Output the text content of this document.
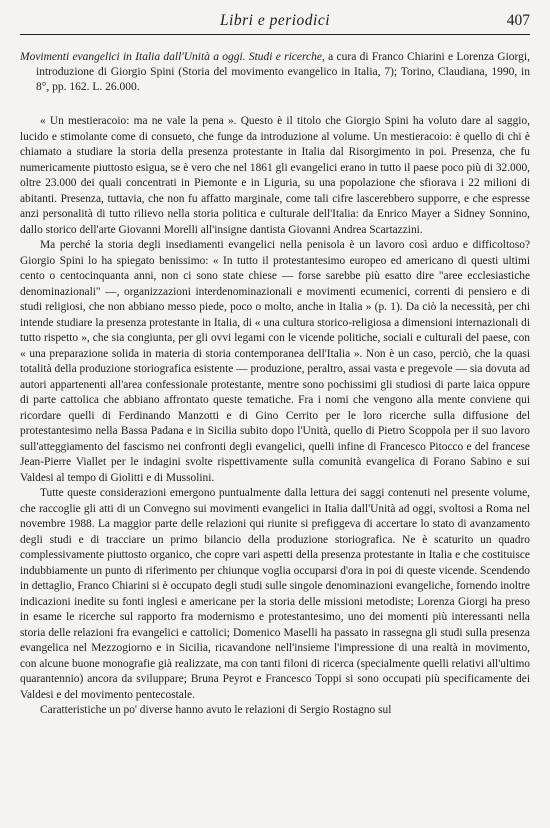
Libri e periodici	407
Movimenti evangelici in Italia dall'Unità a oggi. Studi e ricerche, a cura di Franco Chiarini e Lorenza Giorgi, introduzione di Giorgio Spini (Storia del movimento evangelico in Italia, 7); Torino, Claudiana, 1990, in 8°, pp. 162. L. 26.000.

« Un mestieracoio: ma ne vale la pena ». Questo è il titolo che Giorgio Spini ha voluto dare al saggio, lucido e stimolante come di consueto, che funge da introduzione al volume. Un mestieracoio: è quello di chi è chiamato a studiare la storia della presenza protestante in Italia dal Risorgimento in poi. Presenza, che fu numericamente piuttosto esigua, se è vero che nel 1861 gli evangelici erano in tutto il paese poco più di 32.000, oltre 23.000 dei quali concentrati in Piemonte e in Liguria, su una popolazione che sfiorava i 22 milioni di abitanti. Presenza, tuttavia, che non fu affatto marginale, come tali cifre lascerebbero supporre, e che espresse anzi personalità di tutto rilievo nella storia politica e culturale dell'Italia: da Enrico Mayer a Sidney Sonnino, dallo storico dell'arte Giovanni Morelli all'insigne dantista Giovanni Andrea Scartazzini.

Ma perché la storia degli insediamenti evangelici nella penisola è un lavoro così arduo e difficoltoso? Giorgio Spini lo ha spiegato benissimo: « In tutto il protestantesimo europeo ed americano di questi ultimi cento o centocinquanta anni, non ci sono state chiese — forse sarebbe più esatto dire "aree ecclesiastiche denominazionali" —, organizzazioni interdenominazionali e movimenti ecumenici, correnti di pensiero e di studi religiosi, che non abbiano messo piede, poco o molto, anche in Italia » (p. 1). Da ciò la necessità, per chi intende studiare la presenza protestante in Italia, di « una cultura storico-religiosa a dimensioni internazionali di tutto rispetto », che sia congiunta, per gli ovvi legami con le vicende politiche, sociali e culturali del paese, con « una preparazione solida in materia di storia contemporanea dell'Italia ». Non è un caso, perciò, che la quasi totalità della produzione storiografica esistente — produzione, peraltro, assai vasta e pregevole — sia dovuta ad autori appartenenti all'area confessionale protestante, mentre sono pochissimi gli studiosi di parte laica oppure di parte cattolica che abbiano affrontato queste tematiche. Fra i nomi che vengono alla mente conviene qui ricordare quelli di Ferdinando Manzotti e di Gino Cerrito per le loro ricerche sulla diffusione del protestantesimo nella Bassa Padana e in Sicilia subito dopo l'Unità, quello di Pietro Scoppola per il suo lavoro sull'atteggiamento del fascismo nei confronti degli evangelici, quelli infine di Francesco Pitocco e del francese Jean-Pierre Viallet per le indagini svolte rispettivamente sulla comunità evangelica di Forano Sabino e sui Valdesi al tempo di Giolitti e di Mussolini.

Tutte queste considerazioni emergono puntualmente dalla lettura dei saggi contenuti nel presente volume, che raccoglie gli atti di un Convegno sui movimenti evangelici in Italia dall'Unità ad oggi, svoltosi a Roma nel novembre 1988. La maggior parte delle relazioni qui riunite si prefiggeva di accertare lo stato di avanzamento degli studi e di tracciare un primo bilancio della produzione storiografica. Ne è scaturito un quadro complessivamente piuttosto organico, che copre vari aspetti della presenza protestante in Italia e che costituisce indubbiamente un punto di riferimento per chiunque voglia occuparsi d'ora in poi di queste vicende. Scendendo in dettaglio, Franco Chiarini si è occupato degli studi sulle singole denominazioni evangeliche, fornendo inoltre indicazioni inedite su fonti inglesi e americane per la storia delle missioni metodiste; Lorenza Giorgi ha preso in esame le ricerche sul rapporto fra modernismo e protestantesimo, uno dei momenti più interessanti nella storia delle relazioni fra evangelici e cattolici; Domenico Maselli ha passato in rassegna gli studi sulla presenza evangelica nel Mezzogiorno e in Sicilia, ricavandone nell'insieme l'impressione di una realtà in movimento, con alcune buone monografie già realizzate, ma con tanti filoni di ricerca (specialmente quelli relativi all'ultimo quarantennio) ancora da sviluppare; Bruna Peyrot e Francesco Toppi si sono occupati più specificamente dei Valdesi e del movimento pentecostale.

Caratteristiche un po' diverse hanno avuto le relazioni di Sergio Rostagno sul
